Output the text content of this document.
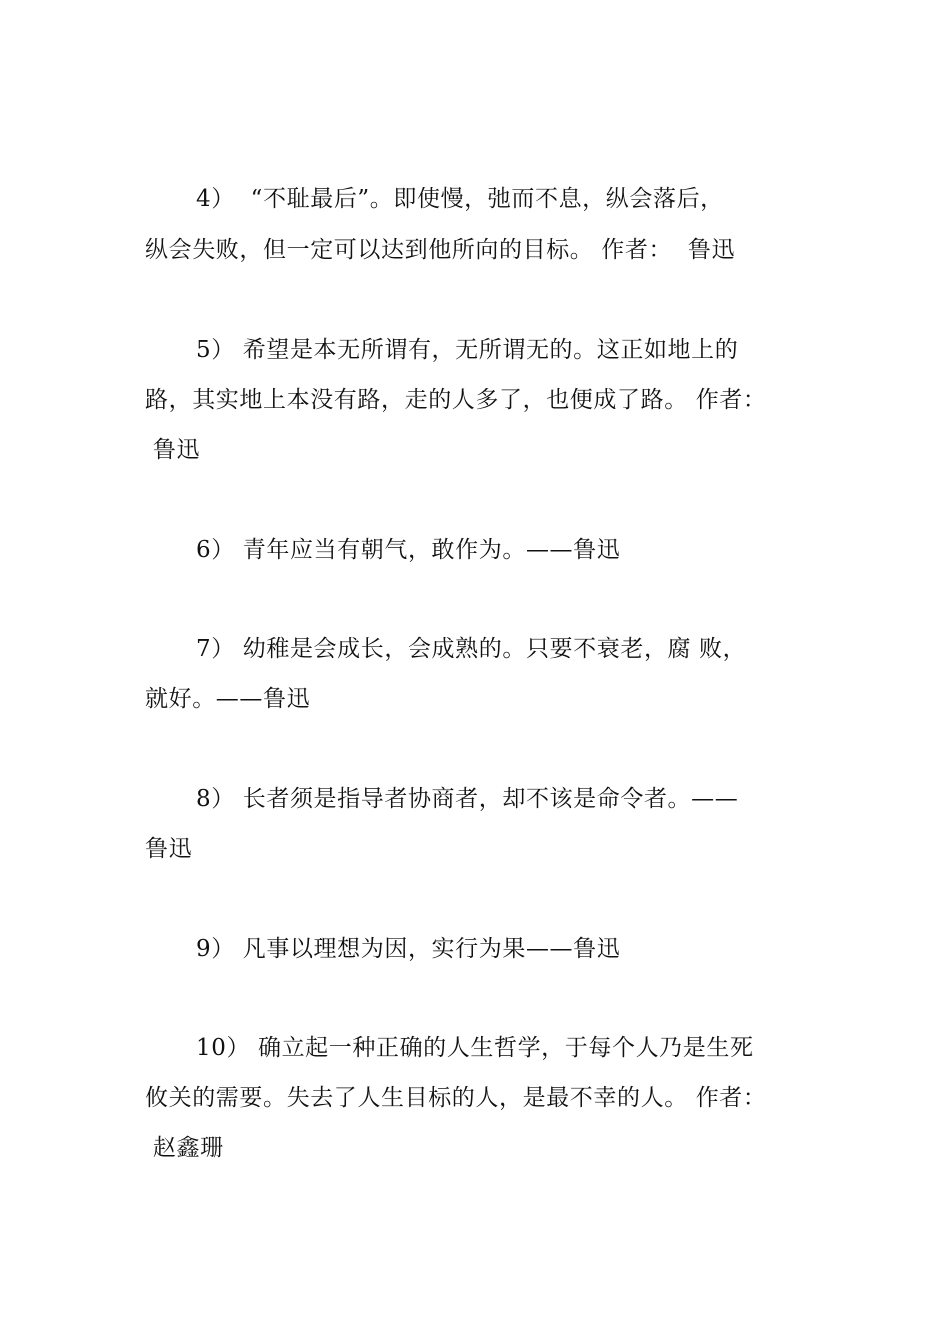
4）  “不耻最后”。即使慢，弛而不息，纵会落后，
纵会失败，但一定可以达到他所向的目标。 作者：  鲁迅
5） 希望是本无所谓有，无所谓无的。这正如地上的
路，其实地上本没有路，走的人多了，也便成了路。 作者：
鲁迅
6） 青年应当有朝气，敢作为。——鲁迅
7） 幼稚是会成长，会成熟的。只要不衰老，腐 败，
就好。——鲁迅
8） 长者须是指导者协商者，却不该是命令者。——
鲁迅
9） 凡事以理想为因，实行为果——鲁迅
10） 确立起一种正确的人生哲学，于每个人乃是生死
攸关的需要。失去了人生目标的人，是最不幸的人。 作者：
赵鑫珊
